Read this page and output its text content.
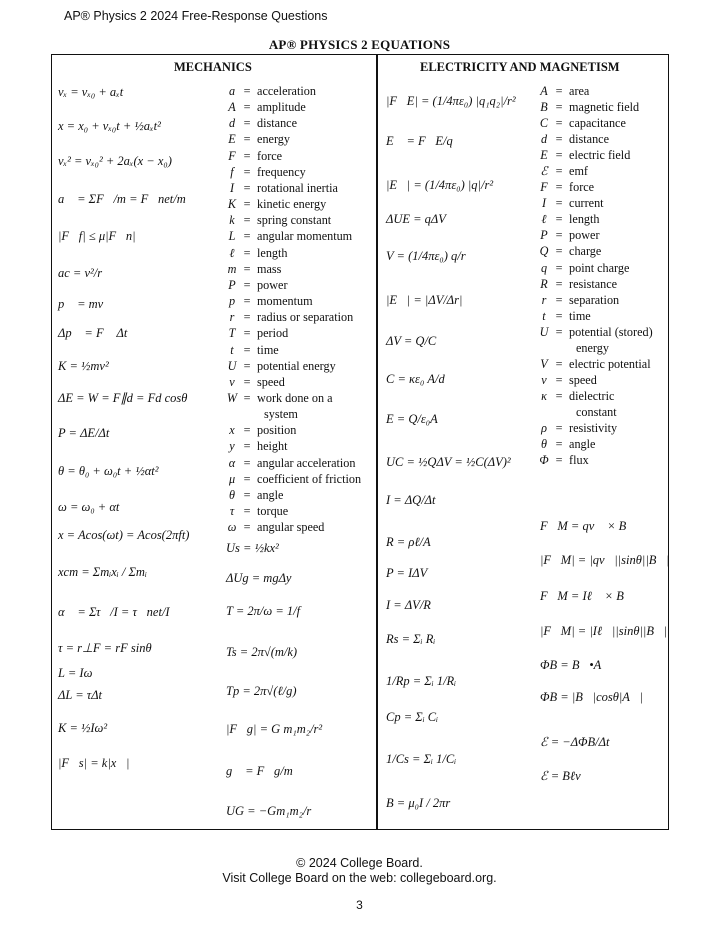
AP® Physics 2 2024 Free-Response Questions
AP® PHYSICS 2 EQUATIONS
MECHANICS	ELECTRICITY AND MAGNETISM
vₓ = vₓ₀ + aₓt
x = x₀ + vₓ₀t + ½aₓt²
vₓ² = vₓ₀² + 2aₓ(x − x₀)
a⃗ = ΣF⃗/m = F⃗net/m
|F⃗f| ≤ μ|F⃗n|
ac = v²/r
p⃗ = mv⃗
Δp⃗ = F⃗ Δt
K = ½mv²
ΔE = W = F∥d = Fd cosθ
P = ΔE/Δt
θ = θ₀ + ω₀t + ½αt²
ω = ω₀ + αt
x = Acos(ωt) = Acos(2πft)
xcm = Σmᵢxᵢ / Σmᵢ
α⃗ = Στ⃗/I = τ⃗net/I
τ = r⊥F = rF sinθ
L = Iω
ΔL = τΔt
K = ½Iω²
|F⃗s| = k|x⃗|
a = acceleration
A = amplitude
d = distance
E = energy
F = force
f = frequency
I = rotational inertia
K = kinetic energy
k = spring constant
L = angular momentum
ℓ = length
m = mass
P = power
p = momentum
r = radius or separation
T = period
t = time
U = potential energy
v = speed
W = work done on a
system
x = position
y = height
α = angular acceleration
μ = coefficient of friction
θ = angle
τ = torque
ω = angular speed
Us = ½kx²
ΔUg = mgΔy
T = 2π/ω = 1/f
Ts = 2π√(m/k)
Tp = 2π√(ℓ/g)
|F⃗g| = G m₁m₂/r²
g⃗ = F⃗g/m
UG = −Gm₁m₂/r
|F⃗E| = (1/4πε₀) |q₁q₂|/r²
E⃗ = F⃗E/q
|E⃗| = (1/4πε₀) |q|/r²
ΔUE = qΔV
V = (1/4πε₀) q/r
|E⃗| = |ΔV/Δr|
ΔV = Q/C
C = κε₀ A/d
E = Q/ε₀A
UC = ½QΔV = ½C(ΔV)²
I = ΔQ/Δt
R = ρℓ/A
P = IΔV
I = ΔV/R
Rs = Σᵢ Rᵢ
1/Rp = Σᵢ 1/Rᵢ
Cp = Σᵢ Cᵢ
1/Cs = Σᵢ 1/Cᵢ
B = μ₀I / 2πr
A = area
B = magnetic field
C = capacitance
d = distance
E = electric field
ℰ = emf
F = force
I = current
ℓ = length
P = power
Q = charge
q = point charge
R = resistance
r = separation
t = time
U = potential (stored)
energy
V = electric potential
v = speed
κ = dielectric
constant
ρ = resistivity
θ = angle
Φ = flux
F⃗M = qv⃗ × B⃗
|F⃗M| = |qv⃗||sinθ||B⃗|
F⃗M = Iℓ⃗ × B⃗
|F⃗M| = |Iℓ⃗||sinθ||B⃗|
ΦB = B⃗•A⃗
ΦB = |B⃗|cosθ|A⃗|
ℰ = −ΔΦB/Δt
ℰ = Bℓv
© 2024 College Board.
Visit College Board on the web: collegeboard.org.
3
